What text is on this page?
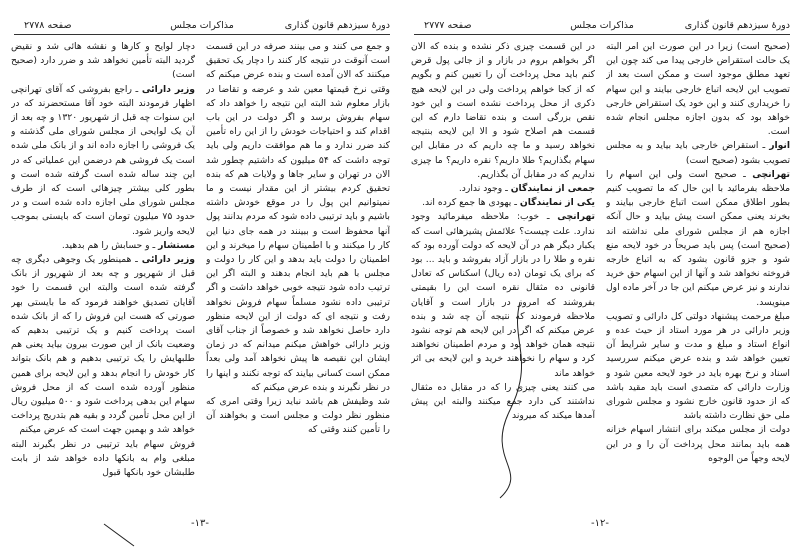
دورهٔ سیزدهم قانون گذاری
مذاکرات مجلس
صفحه ۲۷۷۸

و جمع می کنند و می بینند صرفه در این قسمت است آنوقت در نتیجه کار کنند را دچار یک تحقیق میکنند که الان آمده است و بنده عرض میکنم که وقتی نرخ قیمتها معین شد و عرضه و تقاضا در بازار معلوم شد البته این نتیجه را خواهد داد که سهام بفروش برسد و اگر دولت در این باب اقدام کند و احتیاجات خودش را از این راه تأمین کند ضرر ندارد و ما هم موافقت داریم ولی باید توجه داشت که ۵۴ میلیون که داشتیم چطور شد الان در تهران و سایر جاها و ولایات هم که بنده تحقیق کردم بیشتر از این مقدار نیست و ما نمیتوانیم این پول را در موقع خودش داشته باشیم و باید ترتیبی داده شود که مردم بدانند پول آنها محفوظ است و ببینند در همه جای دنیا این کار را میکنند و با اطمینان سهام را میخرند و این اطمینان را دولت باید بدهد و این کار را دولت و مجلس با هم باید انجام بدهند و البته اگر این ترتیب داده شود نتیجه خوبی خواهد داشت و اگر ترتیبی داده نشود مسلماً سهام فروش نخواهد رفت و نتیجه ای که دولت از این لایحه منظور دارد حاصل نخواهد شد و خصوصاً از جناب آقای وزیر دارائی خواهش میکنم میدانم که در زمان ایشان این نقیصه ها پیش نخواهد آمد ولی بعداً ممکن است کسانی بیایند که توجه نکنند و اینها را در نظر نگیرند و بنده عرض میکنم که

شد وظیفش هم باشد نباید زیرا وقتی امری که منظور نظر دولت و مجلس است و بخواهند آن را تأمین کنند وقتی که

دچار لوایح و کارها و نقشه هائی شد و نقیض گردید البته تأمین نخواهد شد و ضرر دارد (صحیح است)

وزیر دارائی ـ راجع بفروشی که آقای تهرانچی اظهار فرمودند البته خود آقا مستحضرند که در این سنوات چه قبل از شهریور ۱۳۲۰ و چه بعد از آن یک لوایحی از مجلس شورای ملی گذشته و یک فروشی را اجازه داده اند و از بانک ملی شده است یک فروشی هم درضمن این عملیاتی که در این چند ساله شده است گرفته شده است و بطور کلی بیشتر چیزهائی است که از طرف مجلس شورای ملی اجازه داده شده است و در حدود ۷۵ میلیون تومان است که بایستی بموجب لایحه واریز شود.

مستشار ـ و حسابش را هم بدهید.

وزیر دارائی ـ همینطور یک وجوهی دیگری چه قبل از شهریور و چه بعد از شهریور از بانک گرفته شده است والبته این قسمت را خود آقایان تصدیق خواهند فرمود که ما بایستی بهر صورتی که هست این فروش را که از بانک شده است پرداخت کنیم و یک ترتیبی بدهیم که وضعیت بانک از این صورت بیرون بیاید یعنی هم طلبهایش را یک ترتیبی بدهیم و هم بانک بتواند کار خودش را انجام بدهد و این لایحه برای همین منظور آورده شده است که از محل فروش سهام این بدهی پرداخت شود و ۵۰۰ میلیون ریال از این محل تأمین گردد و بقیه هم بتدریج پرداخت خواهد شد و بهمین جهت است که عرض میکنم

فروش سهام باید ترتیبی در نظر بگیرند البته مبلغی وام به بانکها داده خواهد شد از بابت طلبشان خود بانکها قبول

-۱۳-
دورهٔ سیزدهم قانون گذاری
مذاکرات مجلس
صفحه ۲۷۷۷

(صحیح است) زیرا در این صورت این امر البته یک حالت استقراض خارجی پیدا می کند چون این تعهد مطلق موجود است و ممکن است بعد از تصویب این لایحه اتباع خارجی بیایند و این سهام را خریداری کنند و این خود یک استقراض خارجی خواهد بود که بدون اجازه مجلس انجام شده است.

انوار ـ استقراض خارجی باید بیاید و به مجلس تصویب بشود (صحیح است)

تهرانچی ـ صحیح است ولی این اسهام را ملاحظه بفرمائید با این حال که ما تصویب کنیم بطور اطلاق ممکن است اتباع خارجی بیایند و بخرند یعنی ممکن است پیش بیاید و حال آنکه اجازه هم از مجلس شورای ملی نداشته اند (صحیح است) پس باید صریحاً در خود لایحه منع شود و جزو قانون بشود که به اتباع خارجه فروخته نخواهد شد و آنها از این اسهام حق خرید ندارند و نیز عرض میکنم این جا در آخر ماده اول مینویسد.

مبلغ مرحمت پیشنهاد دولتی کل دارائی و تصویب وزیر دارائی در هر مورد استاد از حیث عده و انواع استاد و مبلغ و مدت و سایر شرایط آن تعیین خواهد شد و بنده عرض میکنم سررسید اسناد و نرخ بهره باید در خود لایحه معین شود و وزارت دارائی که متصدی است باید مقید باشد که از حدود قانون خارج نشود و مجلس شورای ملی حق نظارت داشته باشد

دولت از مجلس میکند برای انتشار اسهام خزانه همه باید بمانند محل پرداخت آن را و در این لایحه وجهاً من الوجوه

در این قسمت چیزی ذکر نشده و بنده که الان اگر بخواهم بروم در بازار و از جائی پول قرض کنم باید محل پرداخت آن را تعیین کنم و بگویم که از کجا خواهم پرداخت ولی در این لایحه هیچ ذکری از محل پرداخت نشده است و این خود نقص بزرگی است و بنده تقاضا دارم که این قسمت هم اصلاح شود و الا این لایحه بنتیجه نخواهد رسید و ما چه داریم که در مقابل این سهام بگذاریم؟ طلا داریم؟ نقره داریم؟ ما چیزی نداریم که در مقابل آن بگذاریم.

جمعی از نمایندگان ـ وجود ندارد.

یکی از نمایندگان ـ یهودی ها جمع کرده اند.

تهرانچی ـ خوب: ملاحظه میفرمائید وجود ندارد. علت چیست؟ علائمش پشیزهائی است که یکبار دیگر هم در آن لایحه که دولت آورده بود که نقره و طلا را در بازار آزاد بفروشد و باید ... بود که برای یک تومان (ده ریال) اسکناس که تعادل قانونی ده مثقال نقره است این را بقیمتی بفروشند که امروز در بازار است و آقایان ملاحظه فرمودند که نتیجه آن چه شد و بنده عرض میکنم که اگر در این لایحه هم توجه نشود نتیجه همان خواهد بود و مردم اطمینان نخواهند کرد و سهام را نخواهند خرید و این لایحه بی اثر خواهد ماند

می کنند یعنی چیزی را که در مقابل ده مثقال نداشتند کی دارد جمع میکنند والبته این پیش آمدها میکند که میروند

-۱۲-
